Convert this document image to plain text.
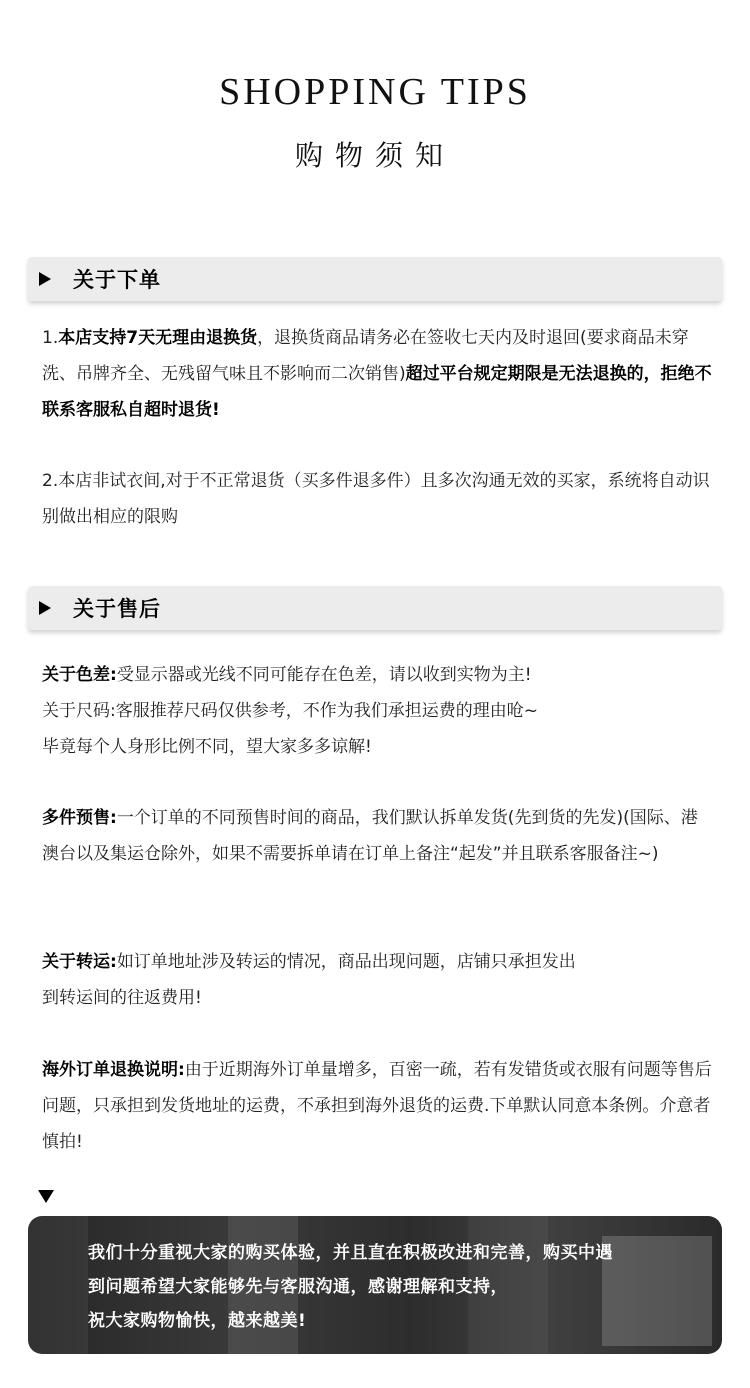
SHOPPING TIPS
购物须知
关于下单
1.本店支持7天无理由退换货，退换货商品请务必在签收七天内及时退回(要求商品未穿洗、吊牌齐全、无残留气味且不影响而二次销售)超过平台规定期限是无法退换的，拒绝不联系客服私自超时退货!
2.本店非试衣间,对于不正常退货（买多件退多件）且多次沟通无效的买家，系统将自动识别做出相应的限购
关于售后
关于色差:受显示器或光线不同可能存在色差，请以收到实物为主!
关于尺码:客服推荐尺码仅供参考，不作为我们承担运费的理由呛~
毕竟每个人身形比例不同，望大家多多谅解!
多件预售:一个订单的不同预售时间的商品，我们默认拆单发货(先到货的先发)(国际、港澳台以及集运仓除外，如果不需要拆单请在订单上备注“起发”并且联系客服备注~)
关于转运:如订单地址涉及转运的情况，商品出现问题，店铺只承担发出
到转运间的往返费用!
海外订单退换说明:由于近期海外订单量增多，百密一疏，若有发错货或衣服有问题等售后问题，只承担到发货地址的运费，不承担到海外退货的运费.下单默认同意本条例。介意者慎拍!
我们十分重视大家的购买体验，并且直在积极改进和完善，购买中遇
到问题希望大家能够先与客服沟通，感谢理解和支持，
祝大家购物愉快，越来越美!
